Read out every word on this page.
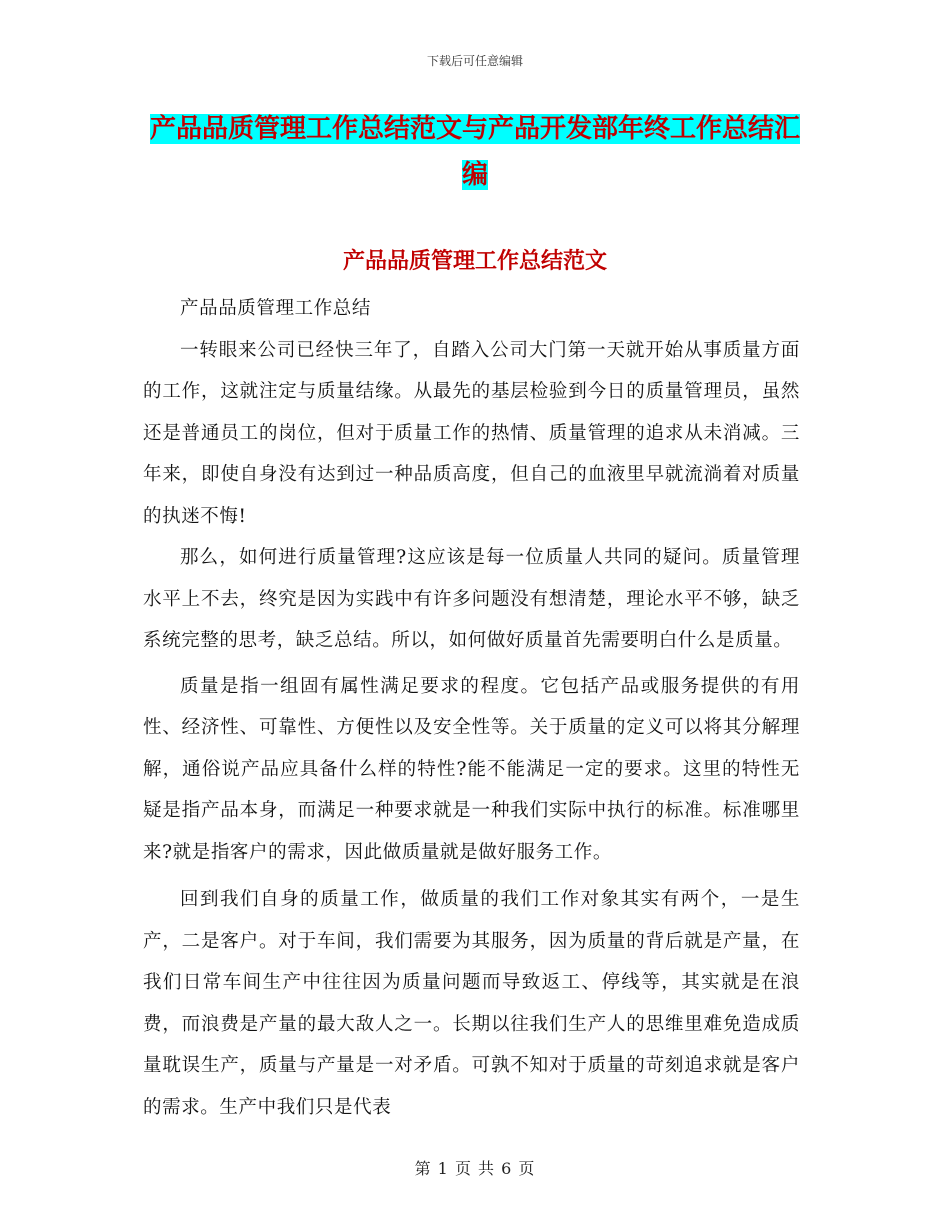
下载后可任意编辑
产品品质管理工作总结范文与产品开发部年终工作总结汇编
产品品质管理工作总结范文

产品品质管理工作总结

一转眼来公司已经快三年了，自踏入公司大门第一天就开始从事质量方面的工作，这就注定与质量结缘。从最先的基层检验到今日的质量管理员，虽然还是普通员工的岗位，但对于质量工作的热情、质量管理的追求从未消减。三年来，即使自身没有达到过一种品质高度，但自己的血液里早就流淌着对质量的执迷不悔!

那么，如何进行质量管理?这应该是每一位质量人共同的疑问。质量管理水平上不去，终究是因为实践中有许多问题没有想清楚，理论水平不够，缺乏系统完整的思考，缺乏总结。所以，如何做好质量首先需要明白什么是质量。

质量是指一组固有属性满足要求的程度。它包括产品或服务提供的有用性、经济性、可靠性、方便性以及安全性等。关于质量的定义可以将其分解理解，通俗说产品应具备什么样的特性?能不能满足一定的要求。这里的特性无疑是指产品本身，而满足一种要求就是一种我们实际中执行的标准。标准哪里来?就是指客户的需求，因此做质量就是做好服务工作。

回到我们自身的质量工作，做质量的我们工作对象其实有两个，一是生产，二是客户。对于车间，我们需要为其服务，因为质量的背后就是产量，在我们日常车间生产中往往因为质量问题而导致返工、停线等，其实就是在浪费，而浪费是产量的最大敌人之一。长期以往我们生产人的思维里难免造成质量耽误生产，质量与产量是一对矛盾。可孰不知对于质量的苛刻追求就是客户的需求。生产中我们只是代表

第 1 页 共 6 页
